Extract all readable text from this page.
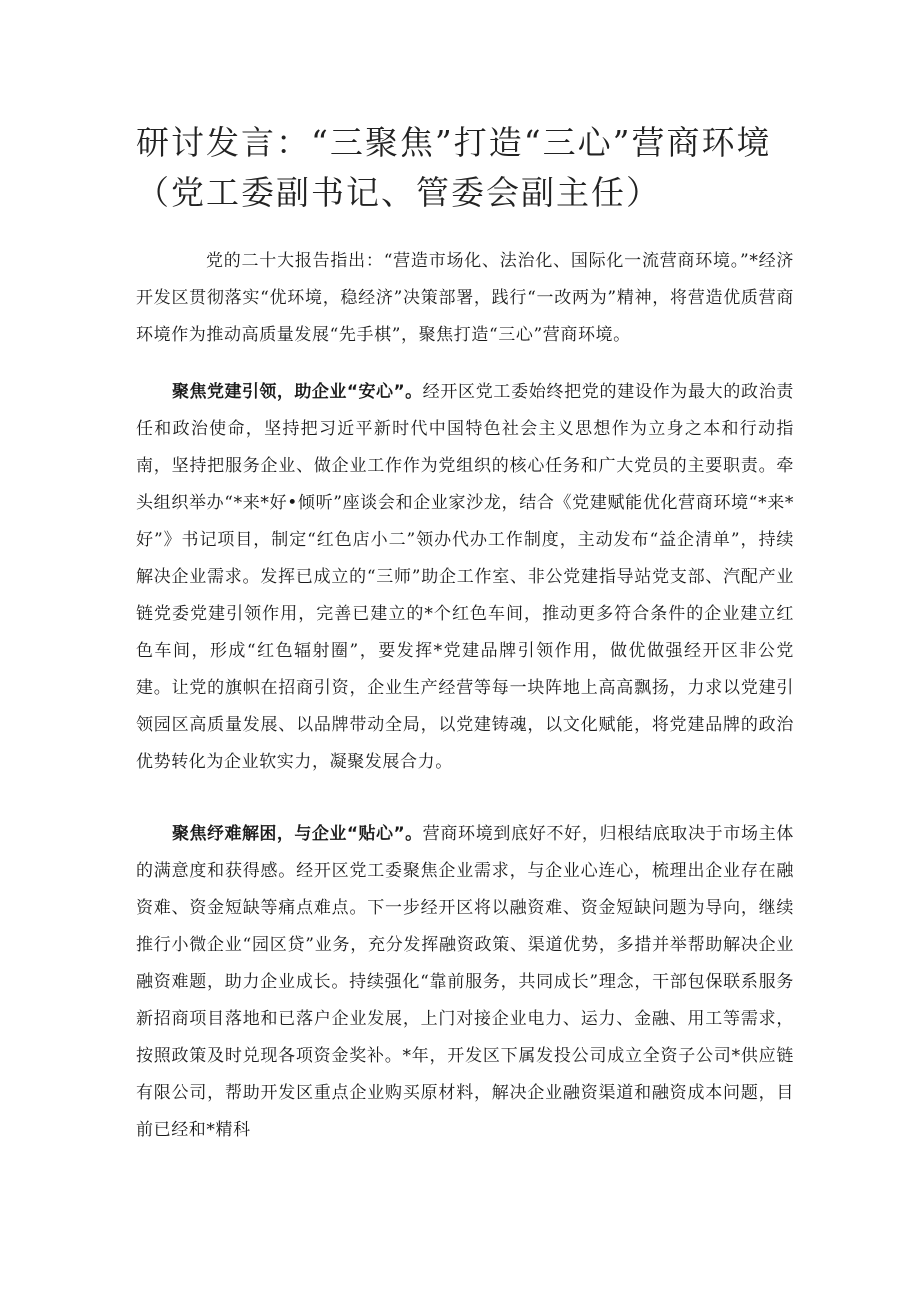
研讨发言：“三聚焦”打造“三心”营商环境（党工委副书记、管委会副主任）

党的二十大报告指出：“营造市场化、法治化、国际化一流营商环境。”*经济开发区贯彻落实“优环境，稳经济”决策部署，践行“一改两为”精神，将营造优质营商环境作为推动高质量发展“先手棋”，聚焦打造“三心”营商环境。

聚焦党建引领，助企业“安心”。经开区党工委始终把党的建设作为最大的政治责任和政治使命，坚持把习近平新时代中国特色社会主义思想作为立身之本和行动指南，坚持把服务企业、做企业工作作为党组织的核心任务和广大党员的主要职责。牵头组织举办“*来*好•倾听”座谈会和企业家沙龙，结合《党建赋能优化营商环境“*来*好”》书记项目，制定“红色店小二”领办代办工作制度，主动发布“益企清单”，持续解决企业需求。发挥已成立的“三师”助企工作室、非公党建指导站党支部、汽配产业链党委党建引领作用，完善已建立的*个红色车间，推动更多符合条件的企业建立红色车间，形成“红色辐射圈”，要发挥*党建品牌引领作用，做优做强经开区非公党建。让党的旗帜在招商引资，企业生产经营等每一块阵地上高高飘扬，力求以党建引领园区高质量发展、以品牌带动全局，以党建铸魂，以文化赋能，将党建品牌的政治优势转化为企业软实力，凝聚发展合力。

聚焦纾难解困，与企业“贴心”。营商环境到底好不好，归根结底取决于市场主体的满意度和获得感。经开区党工委聚焦企业需求，与企业心连心，梳理出企业存在融资难、资金短缺等痛点难点。下一步经开区将以融资难、资金短缺问题为导向，继续推行小微企业“园区贷”业务，充分发挥融资政策、渠道优势，多措并举帮助解决企业融资难题，助力企业成长。持续强化“靠前服务，共同成长”理念，干部包保联系服务新招商项目落地和已落户企业发展，上门对接企业电力、运力、金融、用工等需求，按照政策及时兑现各项资金奖补。*年，开发区下属发投公司成立全资子公司*供应链有限公司，帮助开发区重点企业购买原材料，解决企业融资渠道和融资成本问题，目前已经和*精科
